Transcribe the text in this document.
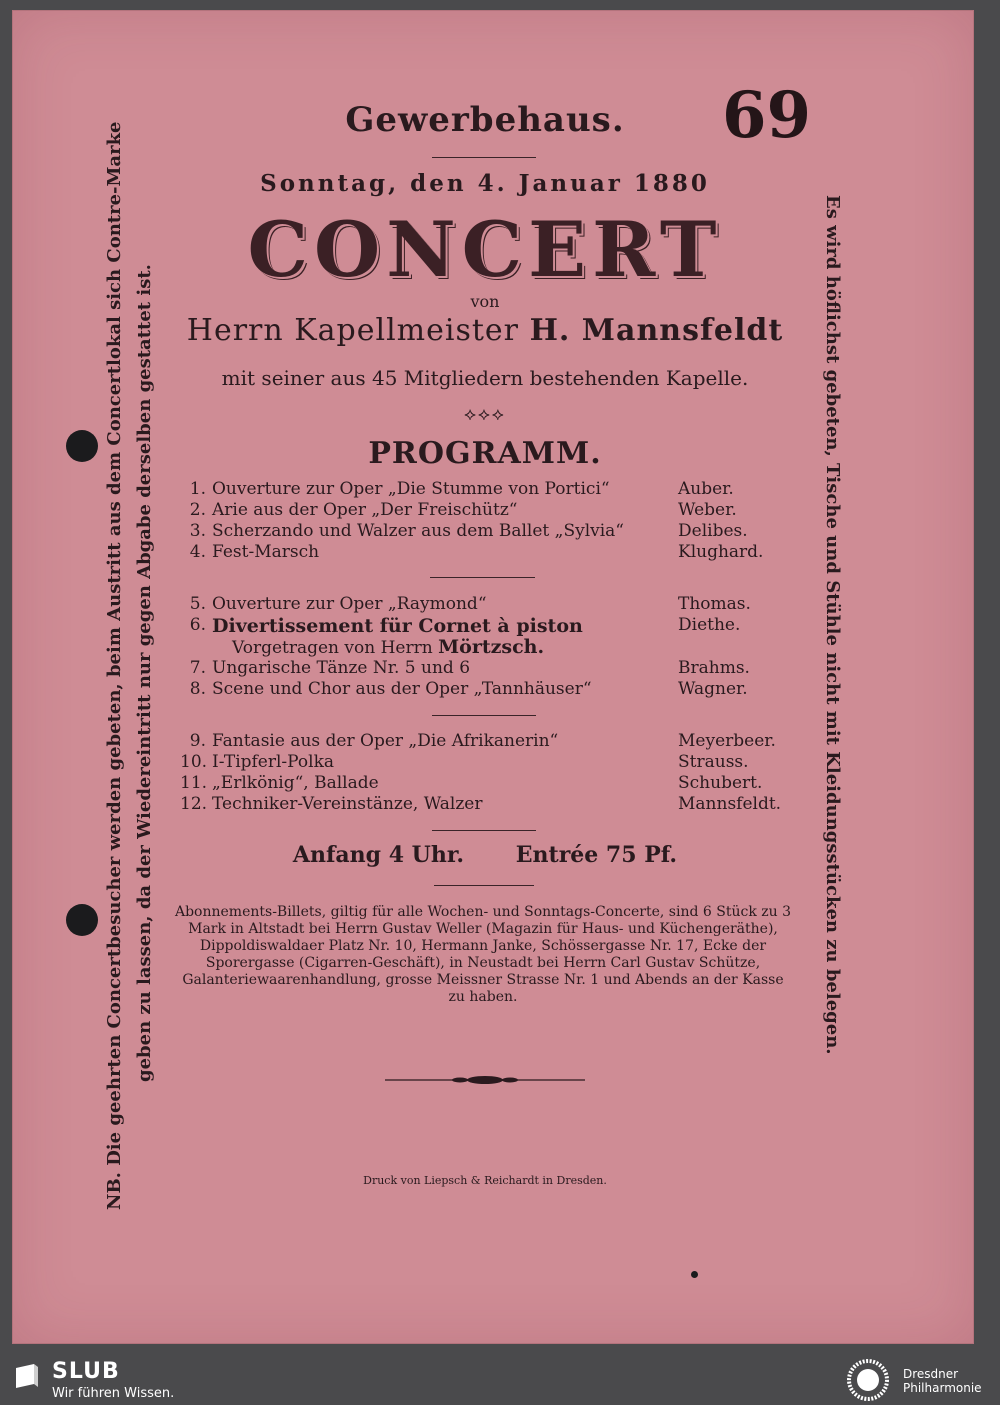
Gewerbehaus. 69
Sonntag, den 4. Januar 1880
CONCERT
von
Herrn Kapellmeister H. Mannsfeldt
mit seiner aus 45 Mitgliedern bestehenden Kapelle.
⟡⟡⟡
PROGRAMM.
1. Ouverture zur Oper „Die Stumme von Portici“	Auber.
2. Arie aus der Oper „Der Freischütz“	Weber.
3. Scherzando und Walzer aus dem Ballet „Sylvia“	Delibes.
4. Fest-Marsch	Klughard.
5. Ouverture zur Oper „Raymond“	Thomas.
6. Divertissement für Cornet à piston	Diethe.
Vorgetragen von Herrn Mörtzsch.
7. Ungarische Tänze Nr. 5 und 6	Brahms.
8. Scene und Chor aus der Oper „Tannhäuser“	Wagner.
9. Fantasie aus der Oper „Die Afrikanerin“	Meyerbeer.
10. I-Tipferl-Polka	Strauss.
11. „Erlkönig“, Ballade	Schubert.
12. Techniker-Vereinstänze, Walzer	Mannsfeldt.
Anfang 4 Uhr. Entrée 75 Pf.
Abonnements-Billets, giltig für alle Wochen- und Sonntags-Concerte, sind 6 Stück zu 3 Mark in Altstadt bei Herrn Gustav Weller (Magazin für Haus- und Küchengeräthe), Dippoldiswaldaer Platz Nr. 10, Hermann Janke, Schössergasse Nr. 17, Ecke der Sporergasse (Cigarren-Geschäft), in Neustadt bei Herrn Carl Gustav Schütze, Galanteriewaarenhandlung, grosse Meissner Strasse Nr. 1 und Abends an der Kasse zu haben.
Druck von Liepsch & Reichardt in Dresden.
NB. Die geehrten Concertbesucher werden gebeten, beim Austritt aus dem Concertlokal sich Contre-Marke geben zu lassen, da der Wiedereintritt nur gegen Abgabe derselben gestattet ist.	Es wird höflichst gebeten, Tische und Stühle nicht mit Kleidungsstücken zu belegen.
SLUB
Wir führen Wissen.
Dresdner
Philharmonie
